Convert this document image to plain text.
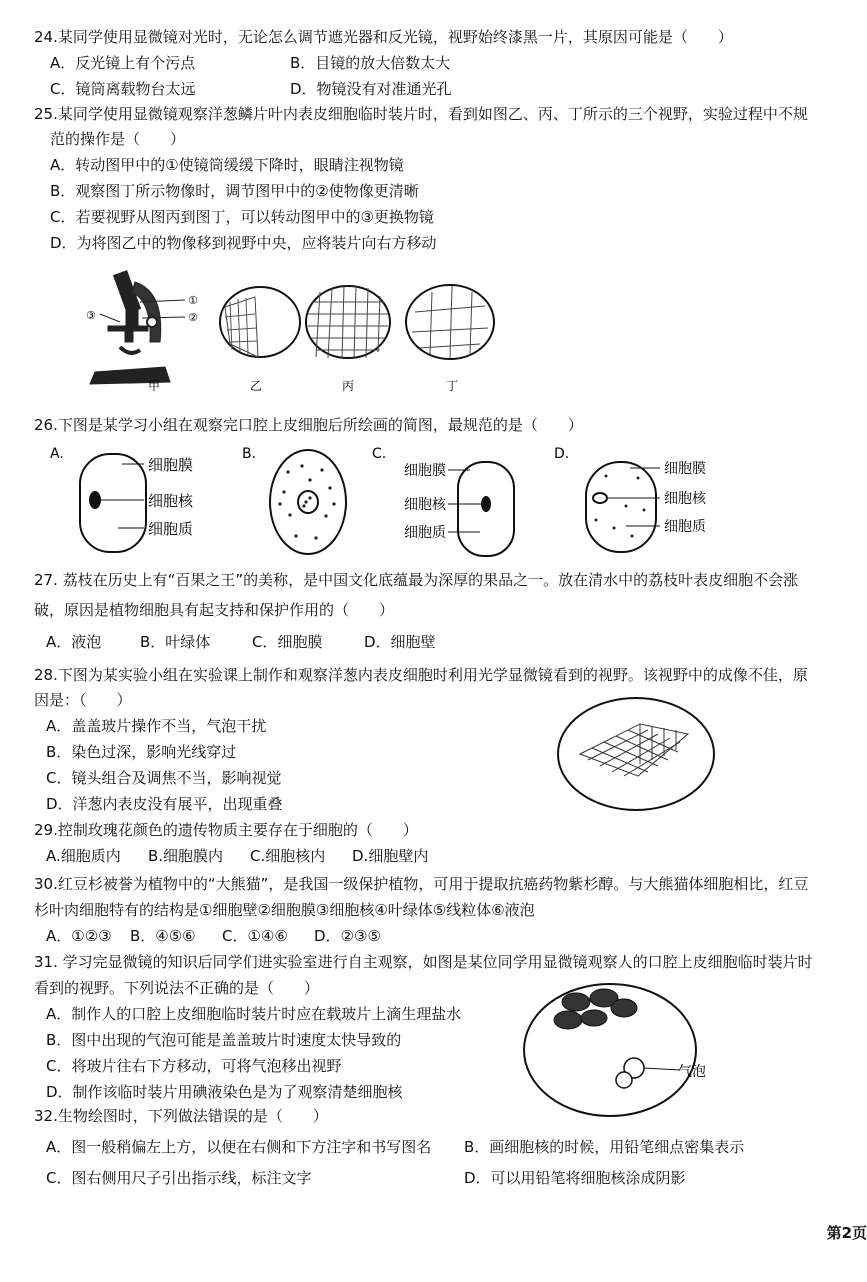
24.某同学使用显微镜对光时，无论怎么调节遮光器和反光镜，视野始终漆黑一片，其原因可能是（　　）
A．反光镜上有个污点	B．目镜的放大倍数太大
C．镜筒离载物台太远	D．物镜没有对准通光孔
25.某同学使用显微镜观察洋葱鳞片叶内表皮细胞临时装片时，看到如图乙、丙、丁所示的三个视野，实验过程中不规
范的操作是（　　）
A．转动图甲中的①使镜筒缓缓下降时，眼睛注视物镜
B．观察图丁所示物像时，调节图甲中的②使物像更清晰
C．若要视野从图丙到图丁，可以转动图甲中的③更换物镜
D．为将图乙中的物像移到视野中央，应将装片向右方移动
①
②
③
甲	乙	丙	丁
26.下图是某学习小组在观察完口腔上皮细胞后所绘画的简图，最规范的是（　　）
A.
细胞膜
细胞核
细胞质
B.	C.
细胞膜
细胞核
细胞质
D.
细胞膜
细胞核
细胞质
27. 荔枝在历史上有“百果之王”的美称，是中国文化底蕴最为深厚的果品之一。放在清水中的荔枝叶表皮细胞不会涨
破，原因是植物细胞具有起支持和保护作用的（　　）
A．液泡	B．叶绿体	C．细胞膜	D．细胞壁
28.下图为某实验小组在实验课上制作和观察洋葱内表皮细胞时利用光学显微镜看到的视野。该视野中的成像不佳，原
因是：（　　）
A．盖盖玻片操作不当，气泡干扰
B．染色过深，影响光线穿过
C．镜头组合及调焦不当，影响视觉
D．洋葱内表皮没有展平，出现重叠
29.控制玫瑰花颜色的遗传物质主要存在于细胞的（　　）
A.细胞质内 B.细胞膜内 C.细胞核内 D.细胞壁内
30.红豆杉被誉为植物中的“大熊猫”，是我国一级保护植物，可用于提取抗癌药物紫杉醇。与大熊猫体细胞相比，红豆
杉叶肉细胞特有的结构是①细胞壁②细胞膜③细胞核④叶绿体⑤线粒体⑥液泡
A．①②③ B．④⑤⑥ C．①④⑥ D．②③⑤
31. 学习完显微镜的知识后同学们进实验室进行自主观察，如图是某位同学用显微镜观察人的口腔上皮细胞临时装片时
看到的视野。下列说法不正确的是（　　）
A．制作人的口腔上皮细胞临时装片时应在载玻片上滴生理盐水
B．图中出现的气泡可能是盖盖玻片时速度太快导致的
C．将玻片往右下方移动，可将气泡移出视野
D．制作该临时装片用碘液染色是为了观察清楚细胞核
气泡
32.生物绘图时，下列做法错误的是（　　）
A．图一般稍偏左上方，以便在右侧和下方注字和书写图名 B．画细胞核的时候，用铅笔细点密集表示
C．图右侧用尺子引出指示线，标注文字	D．可以用铅笔将细胞核涂成阴影
第2页
